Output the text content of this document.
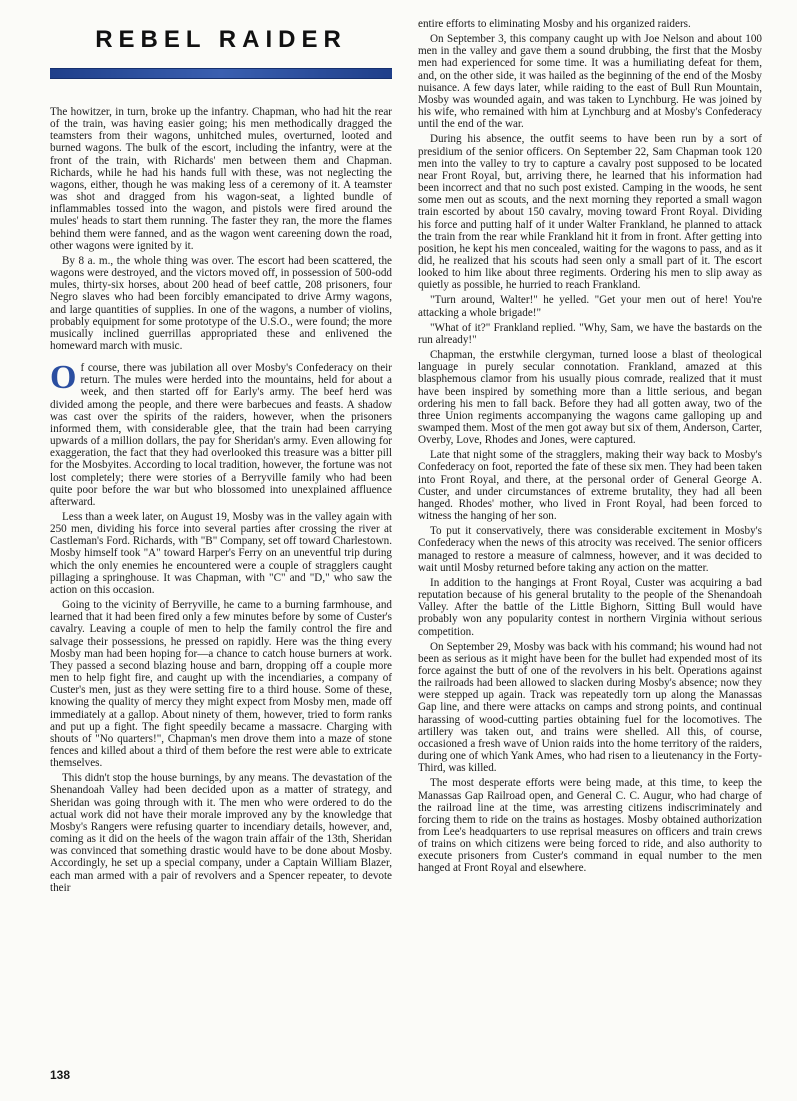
REBEL RAIDER

The howitzer, in turn, broke up the infantry. Chapman, who had hit the rear of the train, was having easier going; his men methodically dragged the teamsters from their wagons, unhitched mules, overturned, looted and burned wagons. The bulk of the escort, including the infantry, were at the front of the train, with Richards' men between them and Chapman. Richards, while he had his hands full with these, was not neglecting the wagons, either, though he was making less of a ceremony of it. A teamster was shot and dragged from his wagon-seat, a lighted bundle of inflammables tossed into the wagon, and pistols were fired around the mules' heads to start them running. The faster they ran, the more the flames behind them were fanned, and as the wagon went careening down the road, other wagons were ignited by it.

By 8 a. m., the whole thing was over. The escort had been scattered, the wagons were destroyed, and the victors moved off, in possession of 500-odd mules, thirty-six horses, about 200 head of beef cattle, 208 prisoners, four Negro slaves who had been forcibly emancipated to drive Army wagons, and large quantities of supplies. In one of the wagons, a number of violins, probably equipment for some prototype of the U.S.O., were found; the more musically inclined guerrillas appropriated these and enlivened the homeward march with music.

Of course, there was jubilation all over Mosby's Confederacy on their return. The mules were herded into the mountains, held for about a week, and then started off for Early's army. The beef herd was divided among the people, and there were barbecues and feasts. A shadow was cast over the spirits of the raiders, however, when the prisoners informed them, with considerable glee, that the train had been carrying upwards of a million dollars, the pay for Sheridan's army. Even allowing for exaggeration, the fact that they had overlooked this treasure was a bitter pill for the Mosbyites. According to local tradition, however, the fortune was not lost completely; there were stories of a Berryville family who had been quite poor before the war but who blossomed into unexplained affluence afterward.

Less than a week later, on August 19, Mosby was in the valley again with 250 men, dividing his force into several parties after crossing the river at Castleman's Ford. Richards, with "B" Company, set off toward Charlestown. Mosby himself took "A" toward Harper's Ferry on an uneventful trip during which the only enemies he encountered were a couple of stragglers caught pillaging a springhouse. It was Chapman, with "C" and "D," who saw the action on this occasion.

Going to the vicinity of Berryville, he came to a burning farmhouse, and learned that it had been fired only a few minutes before by some of Custer's cavalry. Leaving a couple of men to help the family control the fire and salvage their possessions, he pressed on rapidly. Here was the thing every Mosby man had been hoping for—a chance to catch house burners at work. They passed a second blazing house and barn, dropping off a couple more men to help fight fire, and caught up with the incendiaries, a company of Custer's men, just as they were setting fire to a third house. Some of these, knowing the quality of mercy they might expect from Mosby men, made off immediately at a gallop. About ninety of them, however, tried to form ranks and put up a fight. The fight speedily became a massacre. Charging with shouts of "No quarters!", Chapman's men drove them into a maze of stone fences and killed about a third of them before the rest were able to extricate themselves.

This didn't stop the house burnings, by any means. The devastation of the Shenandoah Valley had been decided upon as a matter of strategy, and Sheridan was going through with it. The men who were ordered to do the actual work did not have their morale improved any by the knowledge that Mosby's Rangers were refusing quarter to incendiary details, however, and, coming as it did on the heels of the wagon train affair of the 13th, Sheridan was convinced that something drastic would have to be done about Mosby. Accordingly, he set up a special company, under a Captain William Blazer, each man armed with a pair of revolvers and a Spencer repeater, to devote their

entire efforts to eliminating Mosby and his organized raiders.

On September 3, this company caught up with Joe Nelson and about 100 men in the valley and gave them a sound drubbing, the first that the Mosby men had experienced for some time. It was a humiliating defeat for them, and, on the other side, it was hailed as the beginning of the end of the Mosby nuisance. A few days later, while raiding to the east of Bull Run Mountain, Mosby was wounded again, and was taken to Lynchburg. He was joined by his wife, who remained with him at Lynchburg and at Mosby's Confederacy until the end of the war.

During his absence, the outfit seems to have been run by a sort of presidium of the senior officers. On September 22, Sam Chapman took 120 men into the valley to try to capture a cavalry post supposed to be located near Front Royal, but, arriving there, he learned that his information had been incorrect and that no such post existed. Camping in the woods, he sent some men out as scouts, and the next morning they reported a small wagon train escorted by about 150 cavalry, moving toward Front Royal. Dividing his force and putting half of it under Walter Frankland, he planned to attack the train from the rear while Frankland hit it from in front. After getting into position, he kept his men concealed, waiting for the wagons to pass, and as it did, he realized that his scouts had seen only a small part of it. The escort looked to him like about three regiments. Ordering his men to slip away as quietly as possible, he hurried to reach Frankland.

"Turn around, Walter!" he yelled. "Get your men out of here! You're attacking a whole brigade!"

"What of it?" Frankland replied. "Why, Sam, we have the bastards on the run already!"

Chapman, the erstwhile clergyman, turned loose a blast of theological language in purely secular connotation. Frankland, amazed at this blasphemous clamor from his usually pious comrade, realized that it must have been inspired by something more than a little serious, and began ordering his men to fall back. Before they had all gotten away, two of the three Union regiments accompanying the wagons came galloping up and swamped them. Most of the men got away but six of them, Anderson, Carter, Overby, Love, Rhodes and Jones, were captured.

Late that night some of the stragglers, making their way back to Mosby's Confederacy on foot, reported the fate of these six men. They had been taken into Front Royal, and there, at the personal order of General George A. Custer, and under circumstances of extreme brutality, they had all been hanged. Rhodes' mother, who lived in Front Royal, had been forced to witness the hanging of her son.

To put it conservatively, there was considerable excitement in Mosby's Confederacy when the news of this atrocity was received. The senior officers managed to restore a measure of calmness, however, and it was decided to wait until Mosby returned before taking any action on the matter.

In addition to the hangings at Front Royal, Custer was acquiring a bad reputation because of his general brutality to the people of the Shenandoah Valley. After the battle of the Little Bighorn, Sitting Bull would have probably won any popularity contest in northern Virginia without serious competition.

On September 29, Mosby was back with his command; his wound had not been as serious as it might have been for the bullet had expended most of its force against the butt of one of the revolvers in his belt. Operations against the railroads had been allowed to slacken during Mosby's absence; now they were stepped up again. Track was repeatedly torn up along the Manassas Gap line, and there were attacks on camps and strong points, and continual harassing of wood-cutting parties obtaining fuel for the locomotives. The artillery was taken out, and trains were shelled. All this, of course, occasioned a fresh wave of Union raids into the home territory of the raiders, during one of which Yank Ames, who had risen to a lieutenancy in the Forty-Third, was killed.

The most desperate efforts were being made, at this time, to keep the Manassas Gap Railroad open, and General C. C. Augur, who had charge of the railroad line at the time, was arresting citizens indiscriminately and forcing them to ride on the trains as hostages. Mosby obtained authorization from Lee's headquarters to use reprisal measures on officers and train crews of trains on which citizens were being forced to ride, and also authority to execute prisoners from Custer's command in equal number to the men hanged at Front Royal and elsewhere.

138
